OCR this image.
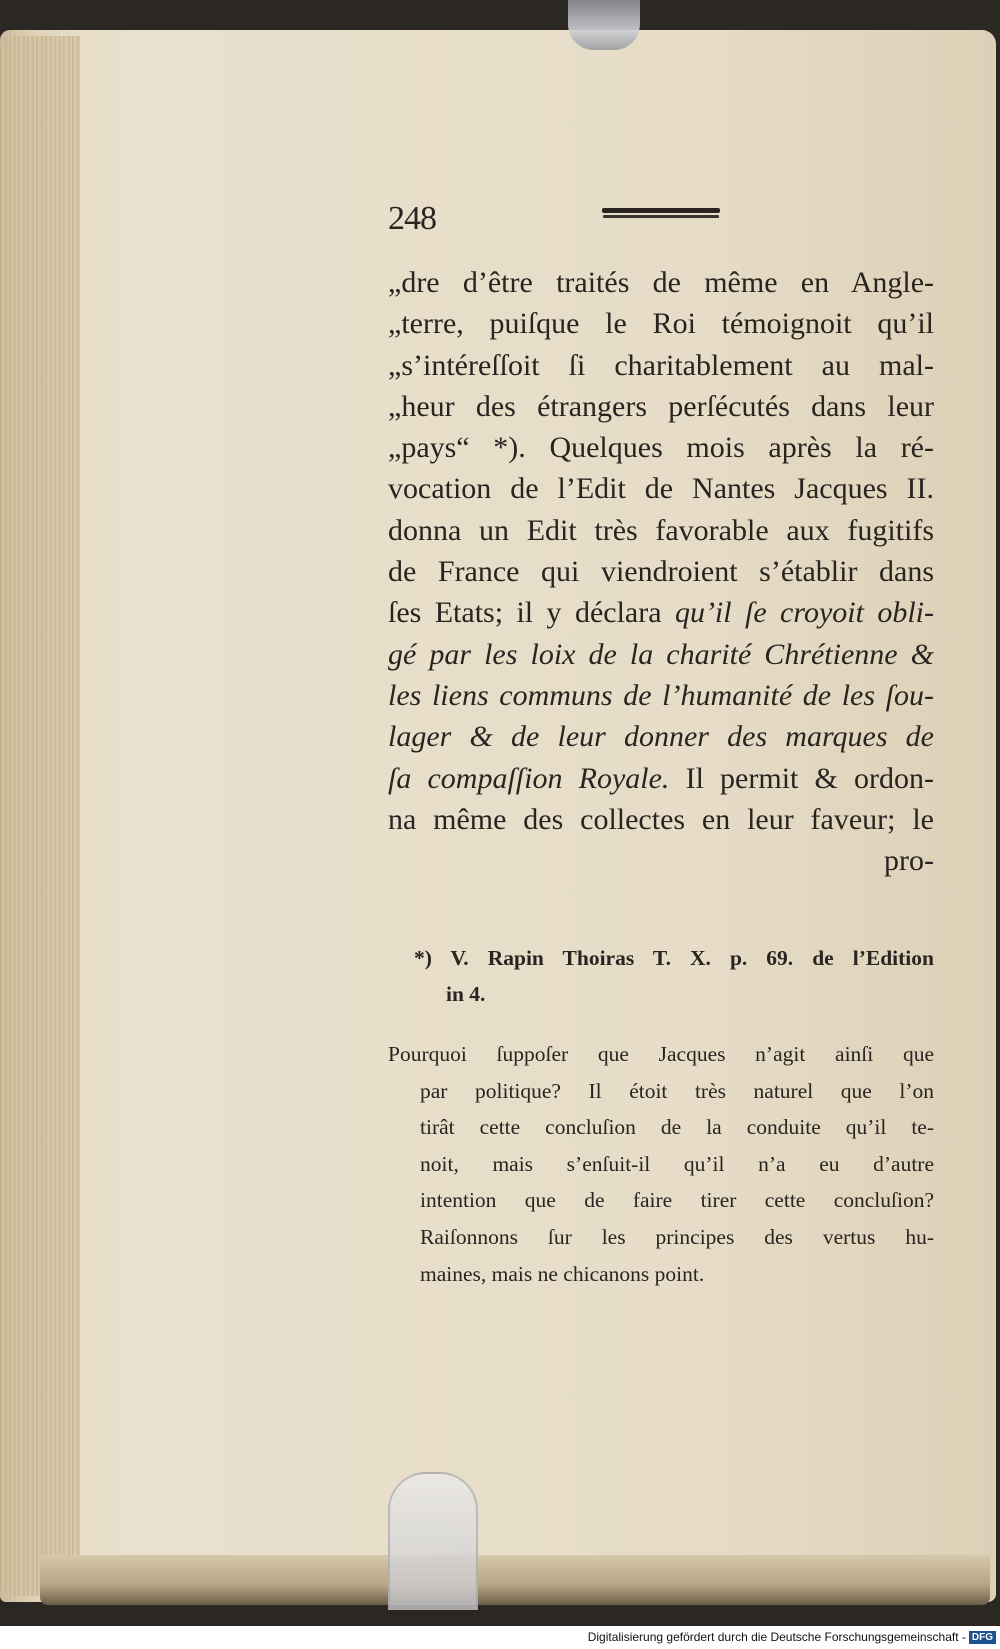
248
„dre d’être traités de même en Angle-
„terre, puiſque le Roi témoignoit qu’il
„s’intéreſſoit ſi charitablement au mal-
„heur des étrangers perſécutés dans leur
„pays“ *). Quelques mois après la ré-
vocation de l’Edit de Nantes Jacques II.
donna un Edit très favorable aux fugitifs
de France qui viendroient s’établir dans
ſes Etats; il y déclara qu’il ſe croyoit obli-
gé par les loix de la charité Chrétienne &
les liens communs de l’humanité de les ſou-
lager & de leur donner des marques de
ſa compaſſion Royale. Il permit & ordon-
na même des collectes en leur faveur; le
pro-
*) V. Rapin Thoiras T. X. p. 69. de l’Edition
in 4.
Pourquoi ſuppoſer que Jacques n’agit ainſi que
par politique? Il étoit très naturel que l’on
tirât cette concluſion de la conduite qu’il te-
noit, mais s’enſuit-il qu’il n’a eu d’autre
intention que de faire tirer cette concluſion?
Raiſonnons ſur les principes des vertus hu-
maines, mais ne chicanons point.
Digitalisierung gefördert durch die Deutsche Forschungsgemeinschaft - DFG
